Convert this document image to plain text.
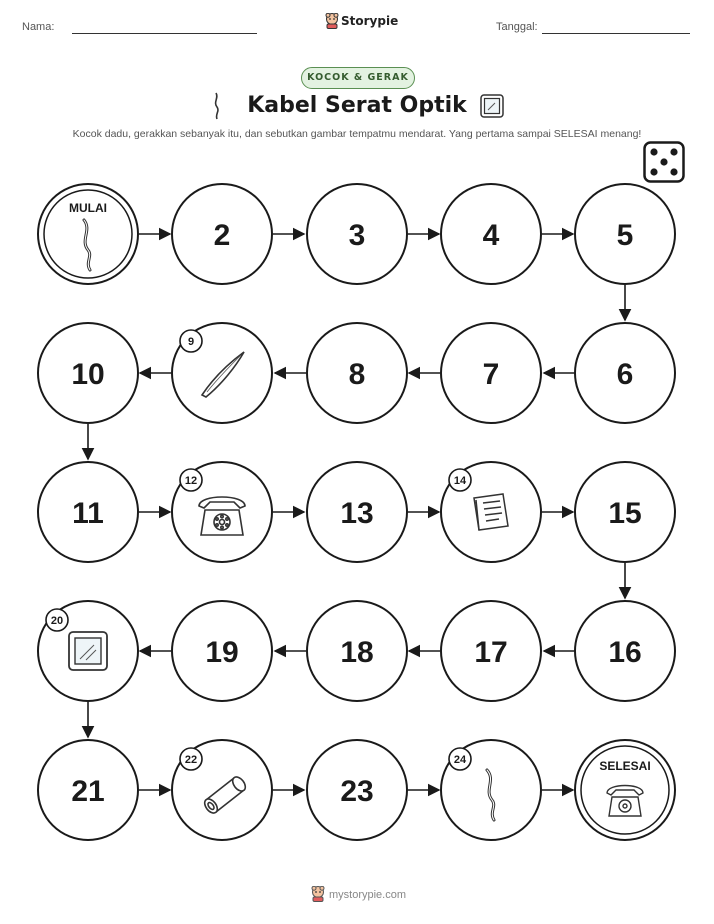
Nama:	Storypie	Tanggal:
KOCOK & GERAK
Kabel Serat Optik
Kocok dadu, gerakkan sebanyak itu, dan sebutkan gambar tempatmu mendarat. Yang pertama sampai SELESAI menang!
MULAI
2	3	4	5
10
9
8	7	6
11
12
13
14
15
20
19	18	17	16
21
22
23
24	SELESAI
mystorypie.com
